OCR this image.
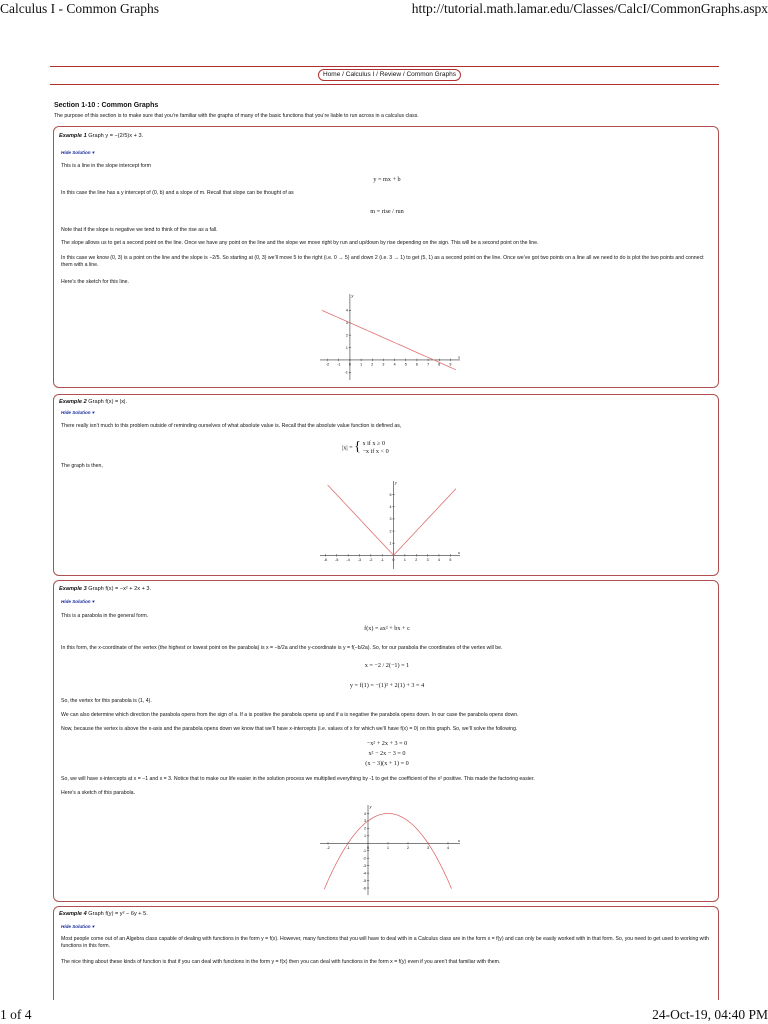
Calculus I - Common Graphs	http://tutorial.math.lamar.edu/Classes/CalcI/CommonGraphs.aspx
Home / Calculus I / Review / Common Graphs
Section 1-10 : Common Graphs
The purpose of this section is to make sure that you’re familiar with the graphs of many of the basic functions that you’re liable to run across in a calculus class.
Example 1 Graph y = −(2/5)x + 3.
Hide Solution ▾
This is a line in the slope intercept form
y = mx + b
In this case the line has a y intercept of (0, b) and a slope of m. Recall that slope can be thought of as
m = rise / run
Note that if the slope is negative we tend to think of the rise as a fall.
The slope allows us to get a second point on the line. Once we have any point on the line and the slope we move right by run and up/down by rise depending on the sign. This will be a second point on the line.
In this case we know (0, 3) is a point on the line and the slope is −2/5. So starting at (0, 3) we’ll move 5 to the right (i.e. 0 → 5) and down 2 (i.e. 3 → 1) to get (5, 1) as a second point on the line. Once we’ve got two points on a line all we need to do is plot the two points and connect them with a line.
Here’s the sketch for this line.
x
y
-2 -1 0	1	2	3	4	5	6	7	8	9
4
3
2
1
-1
Example 2 Graph f(x) = |x|.
Hide Solution ▾
There really isn’t much to this problem outside of reminding ourselves of what absolute value is. Recall that the absolute value function is defined as,
|x| = { x if x ≥ 0
−x if x < 0
The graph is then,
x
y
-6 -5 -4 -3 -2 -1 0	1	2	3	4	5
5
4
3
2
1
Example 3 Graph f(x) = −x² + 2x + 3.
Hide Solution ▾
This is a parabola in the general form.
f(x) = ax² + bx + c
In this form, the x-coordinate of the vertex (the highest or lowest point on the parabola) is x = −b/2a and the y-coordinate is y = f(−b/2a). So, for our parabola the coordinates of the vertex will be.
x = −2 / 2(−1) = 1
y = f(1) = −(1)² + 2(1) + 3 = 4
So, the vertex for this parabola is (1, 4).
We can also determine which direction the parabola opens from the sign of a. If a is positive the parabola opens up and if a is negative the parabola opens down. In our case the parabola opens down.
Now, because the vertex is above the x-axis and the parabola opens down we know that we’ll have x-intercepts (i.e. values of x for which we’ll have f(x) = 0) on this graph. So, we’ll solve the following.
−x² + 2x + 3 = 0
x² − 2x − 3 = 0
(x − 3)(x + 1) = 0
So, we will have x-intercepts at x = −1 and x = 3. Notice that to make our life easier in the solution process we multiplied everything by -1 to get the coefficient of the x² positive. This made the factoring easier.
Here’s a sketch of this parabola.
x
y
-2	-1	0	1	2	3	4
4
3
2
1
-1
-2
-3
-4
-5
-6
Example 4 Graph f(y) = y² − 6y + 5.
Hide Solution ▾
Most people come out of an Algebra class capable of dealing with functions in the form y = f(x). However, many functions that you will have to deal with in a Calculus class are in the form x = f(y) and can only be easily worked with in that form. So, you need to get used to working with functions in this form.
The nice thing about these kinds of function is that if you can deal with functions in the form y = f(x) then you can deal with functions in the form x = f(y) even if you aren’t that familiar with them.
1 of 4	24-Oct-19, 04:40 PM
